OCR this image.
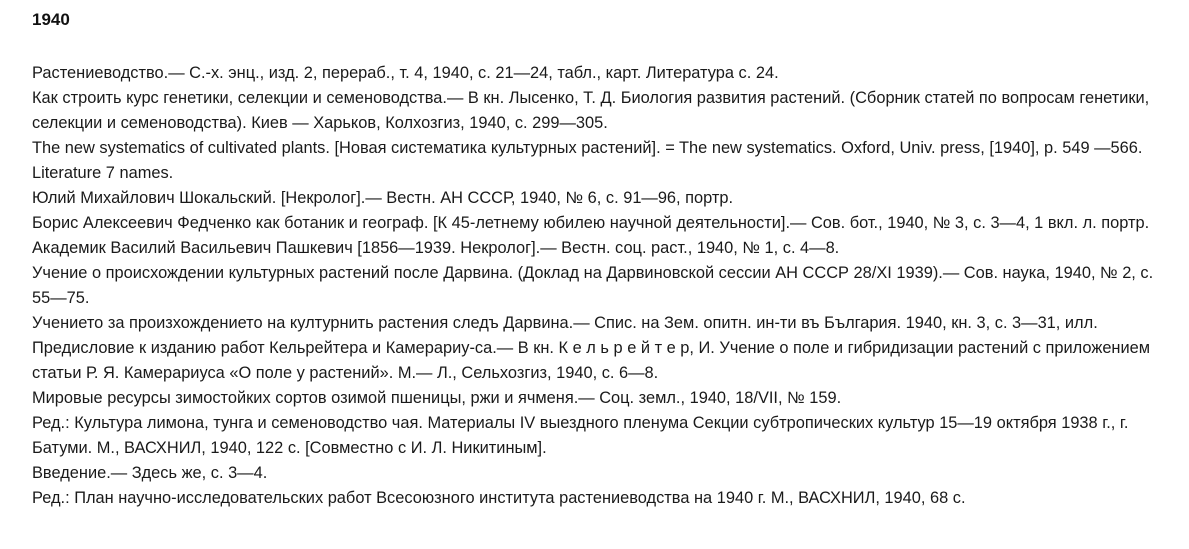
1940

Растениеводство.— С.-х. энц., изд. 2, перераб., т. 4, 1940, с. 21—24, табл., карт. Литература с. 24.

Как строить курс генетики, селекции и семеноводства.— В кн. Лысенко, Т. Д. Биология развития растений. (Сборник статей по вопросам генетики, селекции и семеноводства). Киев — Харьков, Колхозгиз, 1940, с. 299—305.

The new systematics of cultivated plants. [Новая систематика культурных растений]. = The new systematics. Oxford, Univ. press, [1940], p. 549 —566. Literature 7 names.

Юлий Михайлович Шокальский. [Некролог].— Вестн. АН СССР, 1940, № 6, с. 91—96, портр.

Борис Алексеевич Федченко как ботаник и географ. [К 45-летнему юбилею научной деятельности].— Сов. бот., 1940, № 3, с. 3—4, 1 вкл. л. портр.

Академик Василий Васильевич Пашкевич [1856—1939. Некролог].— Вестн. соц. раст., 1940, № 1, с. 4—8.

Учение о происхождении культурных растений после Дарвина. (Доклад на Дарвиновской сессии АН СССР 28/XI 1939).— Сов. наука, 1940, № 2, с. 55—75.

Учението за произхождението на културнить растения следъ Дарвина.— Спис. на Зем. опитн. ин-ти въ България. 1940, кн. 3, с. 3—31, илл.

Предисловие к изданию работ Кельрейтера и Камерариу-са.— В кн. К е л ь р е й т е р, И. Учение о поле и гибридизации растений с приложением статьи Р. Я. Камерариуса «О поле у растений». М.— Л., Сельхозгиз, 1940, с. 6—8.

Мировые ресурсы зимостойких сортов озимой пшеницы, ржи и ячменя.— Соц. земл., 1940, 18/VII, № 159.

Ред.: Культура лимона, тунга и семеноводство чая. Материалы IV выездного пленума Секции субтропических культур 15—19 октября 1938 г., г. Батуми. М., ВАСХНИЛ, 1940, 122 с. [Совместно с И. Л. Никитиным].

Введение.— Здесь же, с. 3—4.

Ред.: План научно-исследовательских работ Всесоюзного института растениеводства на 1940 г. М., ВАСХНИЛ, 1940, 68 с.
